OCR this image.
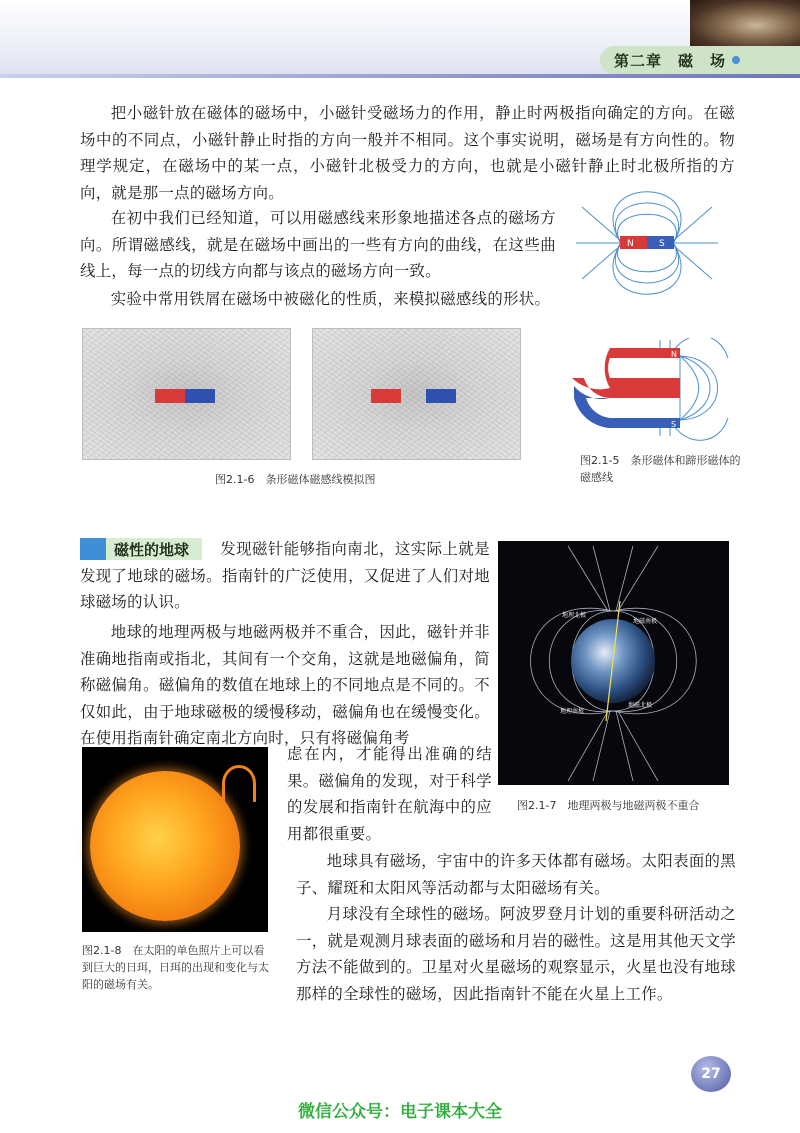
第二章　磁　场

把小磁针放在磁体的磁场中，小磁针受磁场力的作用，静止时两极指向确定的方向。在磁场中的不同点，小磁针静止时指的方向一般并不相同。这个事实说明，磁场是有方向性的。物理学规定，在磁场中的某一点，小磁针北极受力的方向，也就是小磁针静止时北极所指的方向，就是那一点的磁场方向。

在初中我们已经知道，可以用磁感线来形象地描述各点的磁场方向。所谓磁感线，就是在磁场中画出的一些有方向的曲线，在这些曲线上，每一点的切线方向都与该点的磁场方向一致。

实验中常用铁屑在磁场中被磁化的性质，来模拟磁感线的形状。

N	S
图2.1-6　条形磁体磁感线模拟图
N
S
图2.1-5　条形磁体和蹄形磁体的磁感线
磁性的地球	发现磁针能够指向南北，这实际上就是发现了地球的磁场。指南针的广泛使用，又促进了人们对地球磁场的认识。

地球的地理两极与地磁两极并不重合，因此，磁针并非准确地指南或指北，其间有一个交角，这就是地磁偏角，简称磁偏角。磁偏角的数值在地球上的不同地点是不同的。不仅如此，由于地球磁极的缓慢移动，磁偏角也在缓慢变化。在使用指南针确定南北方向时，只有将磁偏角考

虑在内，才能得出准确的结果。磁偏角的发现，对于科学的发展和指南针在航海中的应用都很重要。

地理北极
地磁南极
地理南极
地磁北极
图2.1-7　地理两极与地磁两极不重合
图2.1-8　在太阳的单色照片上可以看到巨大的日珥，日珥的出现和变化与太阳的磁场有关。

地球具有磁场，宇宙中的许多天体都有磁场。太阳表面的黑子、耀斑和太阳风等活动都与太阳磁场有关。

月球没有全球性的磁场。阿波罗登月计划的重要科研活动之一，就是观测月球表面的磁场和月岩的磁性。这是用其他天文学方法不能做到的。卫星对火星磁场的观察显示，火星也没有地球那样的全球性的磁场，因此指南针不能在火星上工作。

27
微信公众号：电子课本大全
